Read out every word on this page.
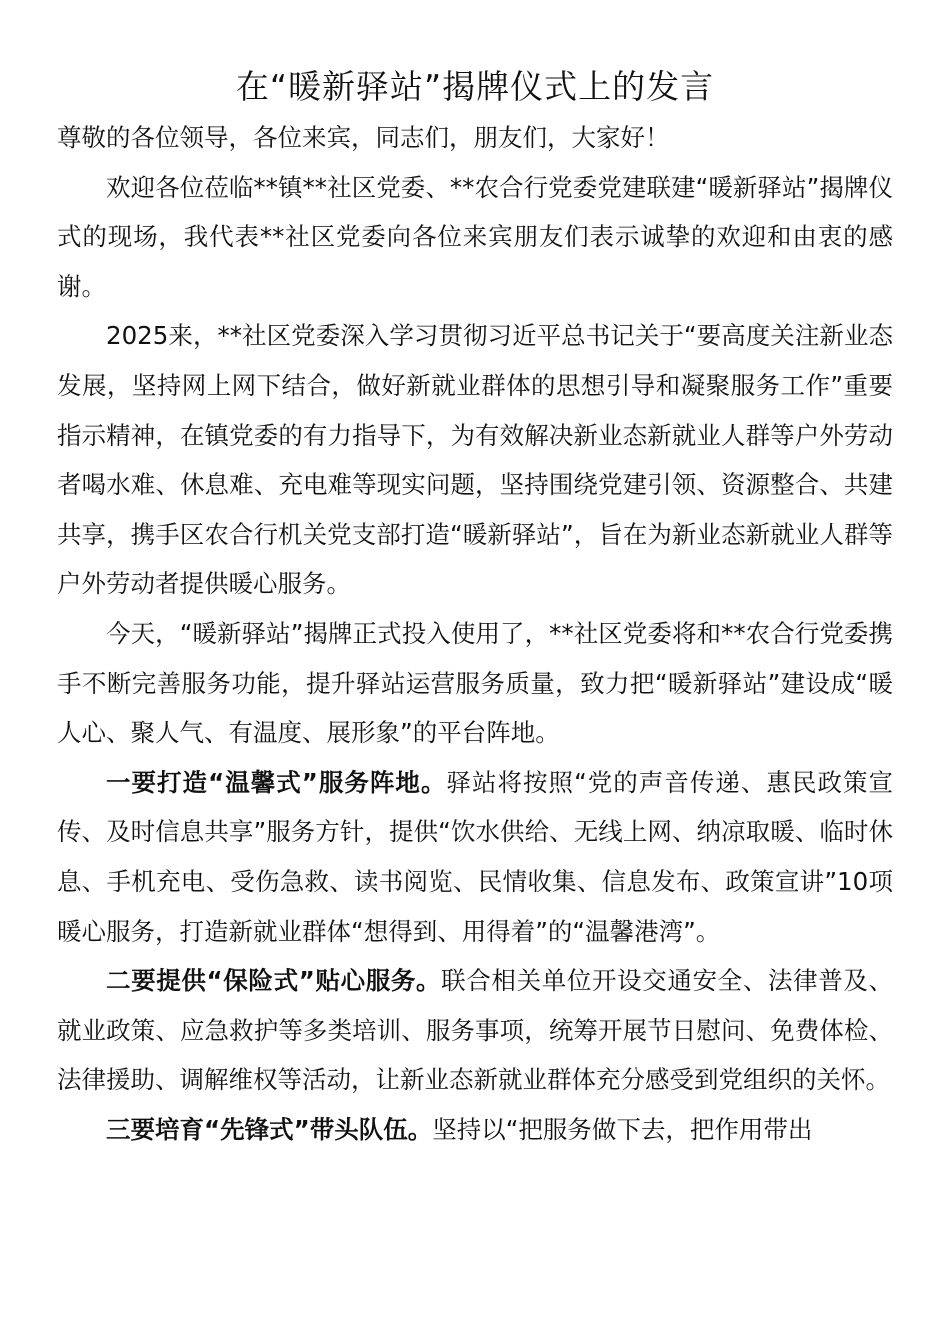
在“暖新驿站”揭牌仪式上的发言

尊敬的各位领导，各位来宾，同志们，朋友们，大家好！

欢迎各位莅临**镇**社区党委、**农合行党委党建联建“暖新驿站”揭牌仪式的现场，我代表**社区党委向各位来宾朋友们表示诚挚的欢迎和由衷的感谢。

2025来，**社区党委深入学习贯彻习近平总书记关于“要高度关注新业态发展，坚持网上网下结合，做好新就业群体的思想引导和凝聚服务工作”重要指示精神，在镇党委的有力指导下，为有效解决新业态新就业人群等户外劳动者喝水难、休息难、充电难等现实问题，坚持围绕党建引领、资源整合、共建共享，携手区农合行机关党支部打造“暖新驿站”，旨在为新业态新就业人群等户外劳动者提供暖心服务。

今天，“暖新驿站”揭牌正式投入使用了，**社区党委将和**农合行党委携手不断完善服务功能，提升驿站运营服务质量，致力把“暖新驿站”建设成“暖人心、聚人气、有温度、展形象”的平台阵地。

一要打造“温馨式”服务阵地。驿站将按照“党的声音传递、惠民政策宣传、及时信息共享”服务方针，提供“饮水供给、无线上网、纳凉取暖、临时休息、手机充电、受伤急救、读书阅览、民情收集、信息发布、政策宣讲”10项暖心服务，打造新就业群体“想得到、用得着”的“温馨港湾”。

二要提供“保险式”贴心服务。联合相关单位开设交通安全、法律普及、就业政策、应急救护等多类培训、服务事项，统筹开展节日慰问、免费体检、法律援助、调解维权等活动，让新业态新就业群体充分感受到党组织的关怀。

三要培育“先锋式”带头队伍。坚持以“把服务做下去，把作用带出
